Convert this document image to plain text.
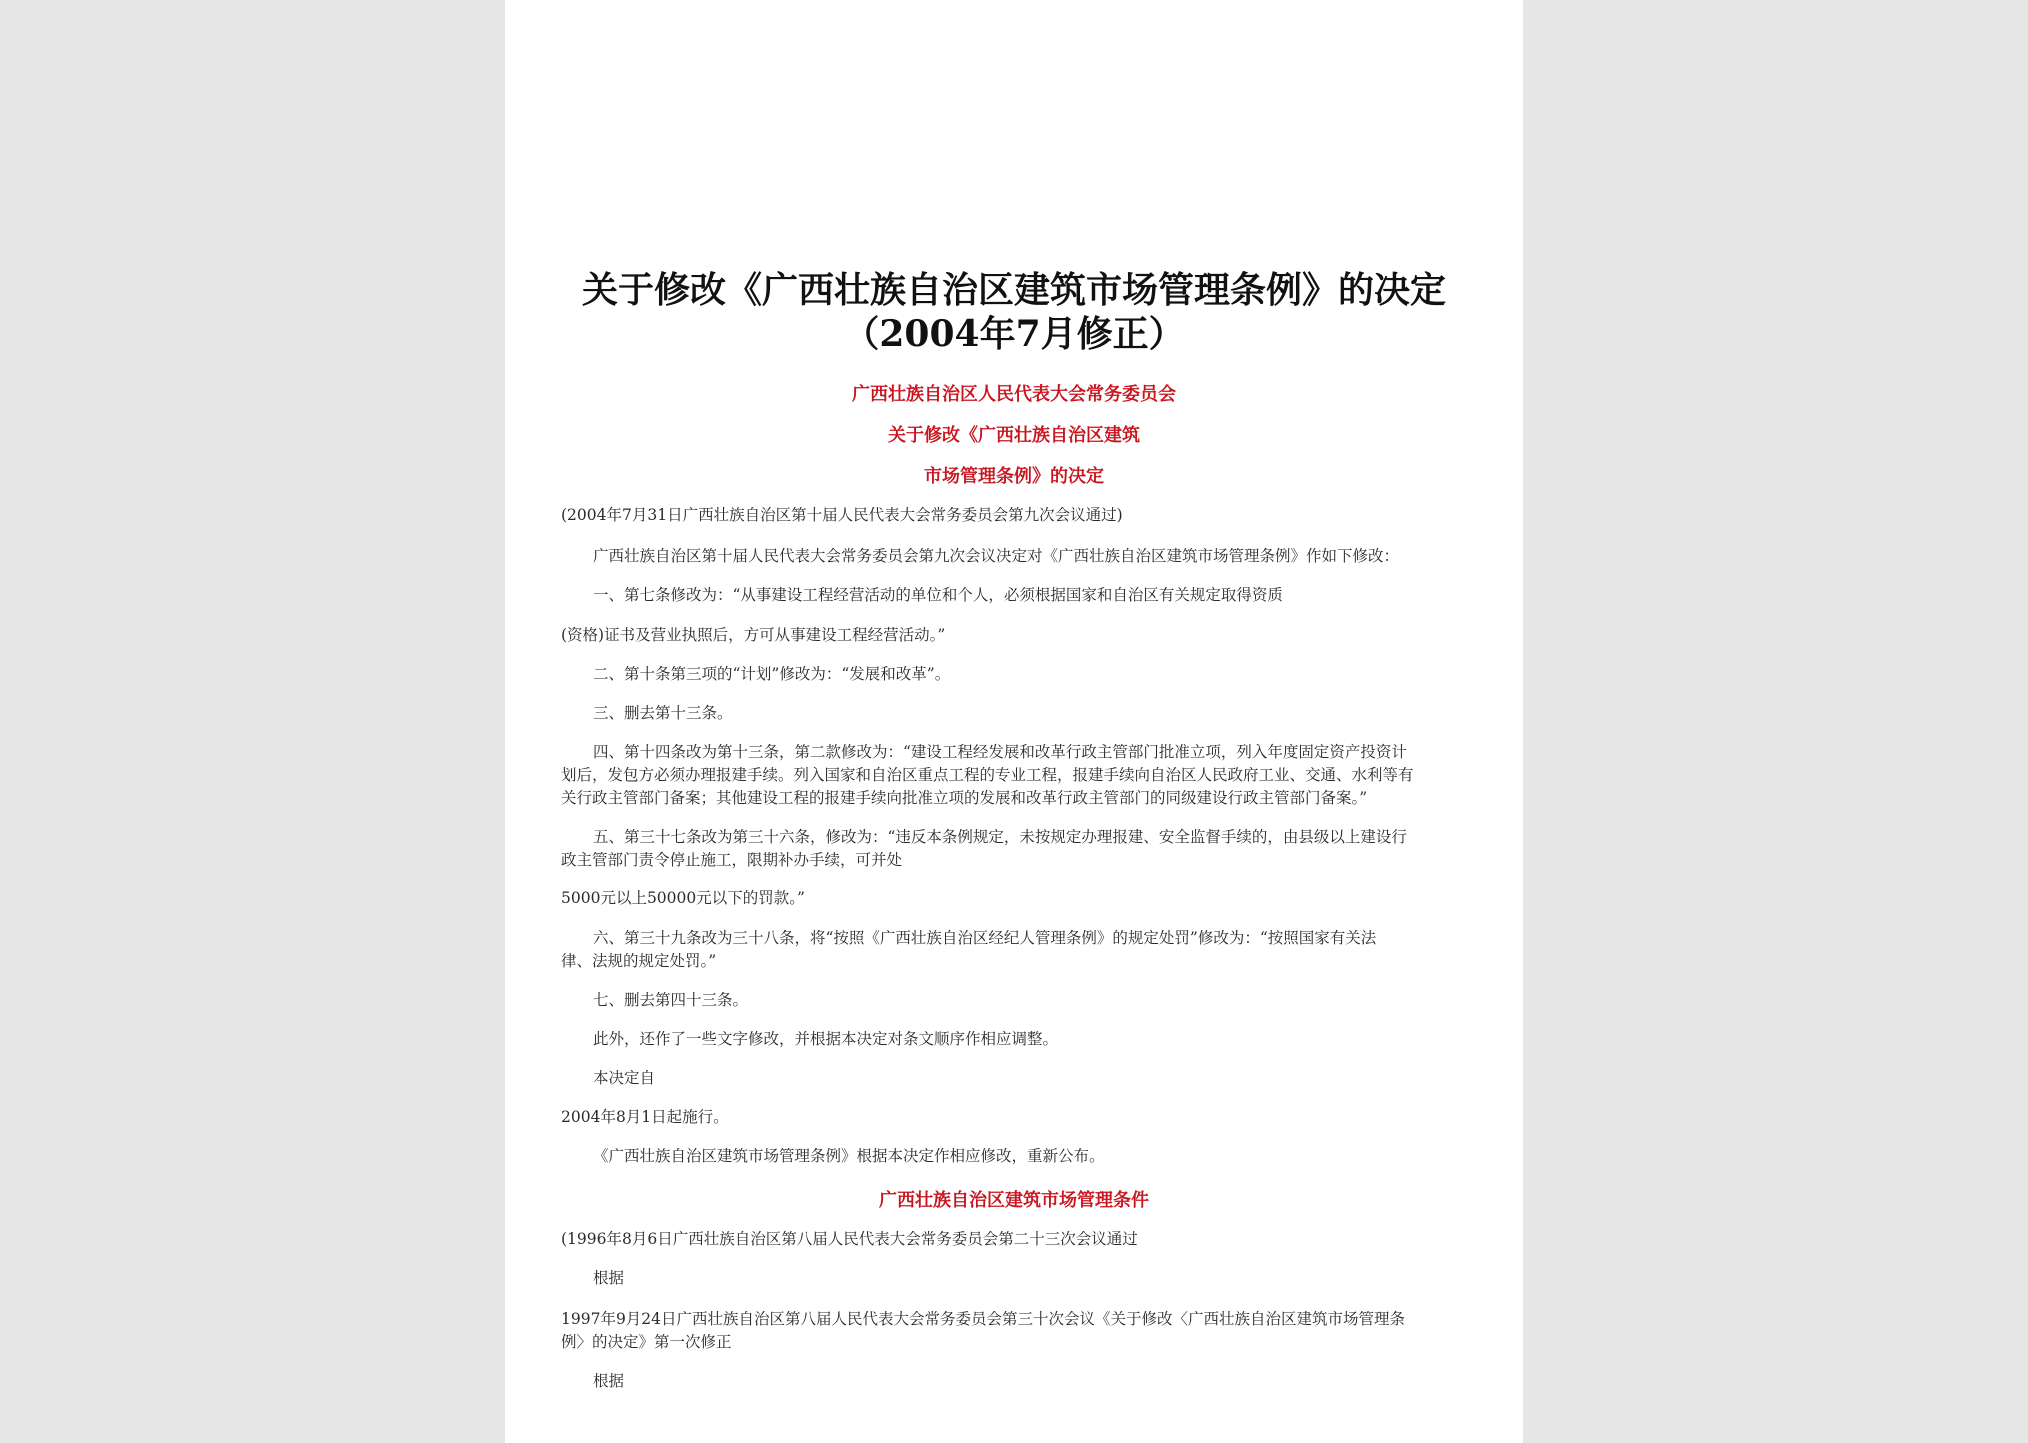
关于修改《广西壮族自治区建筑市场管理条例》的决定
（2004年7月修正）
广西壮族自治区人民代表大会常务委员会
关于修改《广西壮族自治区建筑
市场管理条例》的决定
(2004年7月31日广西壮族自治区第十届人民代表大会常务委员会第九次会议通过)
广西壮族自治区第十届人民代表大会常务委员会第九次会议决定对《广西壮族自治区建筑市场管理条例》作如下修改：
一、第七条修改为：“从事建设工程经营活动的单位和个人，必须根据国家和自治区有关规定取得资质
(资格)证书及营业执照后，方可从事建设工程经营活动。”
二、第十条第三项的“计划”修改为：“发展和改革”。
三、删去第十三条。
四、第十四条改为第十三条，第二款修改为：“建设工程经发展和改革行政主管部门批准立项，列入年度固定资产投资计
划后，发包方必须办理报建手续。列入国家和自治区重点工程的专业工程，报建手续向自治区人民政府工业、交通、水利等有
关行政主管部门备案；其他建设工程的报建手续向批准立项的发展和改革行政主管部门的同级建设行政主管部门备案。”
五、第三十七条改为第三十六条，修改为：“违反本条例规定，未按规定办理报建、安全监督手续的，由县级以上建设行
政主管部门责令停止施工，限期补办手续，可并处
5000元以上50000元以下的罚款。”
六、第三十九条改为三十八条，将“按照《广西壮族自治区经纪人管理条例》的规定处罚”修改为：“按照国家有关法
律、法规的规定处罚。”
七、删去第四十三条。
此外，还作了一些文字修改，并根据本决定对条文顺序作相应调整。
本决定自
2004年8月1日起施行。
《广西壮族自治区建筑市场管理条例》根据本决定作相应修改，重新公布。
广西壮族自治区建筑市场管理条件
(1996年8月6日广西壮族自治区第八届人民代表大会常务委员会第二十三次会议通过
根据
1997年9月24日广西壮族自治区第八届人民代表大会常务委员会第三十次会议《关于修改〈广西壮族自治区建筑市场管理条
例〉的决定》第一次修正
根据
